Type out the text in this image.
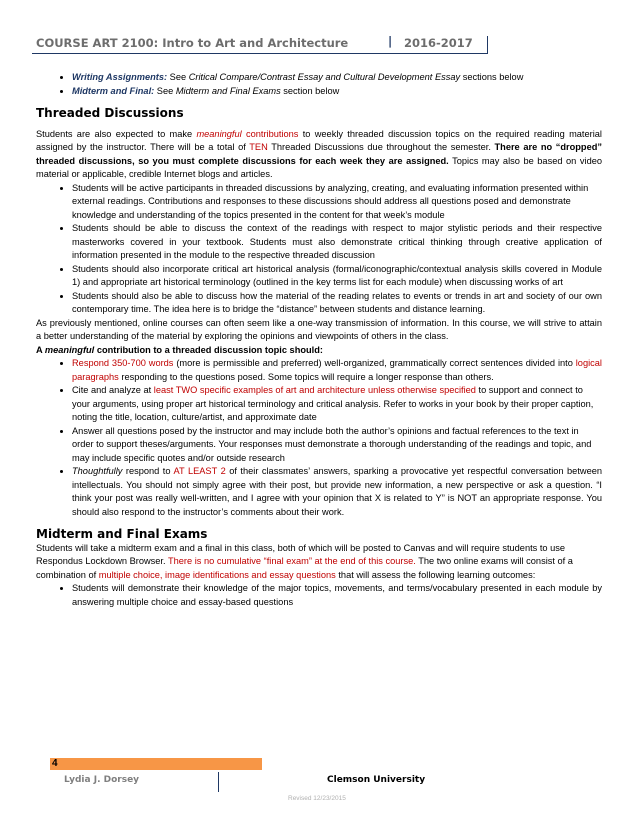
COURSE ART 2100: Intro to Art and Architecture	| 2016-2017
• Writing Assignments: See Critical Compare/Contrast Essay and Cultural Development Essay sections below
• Midterm and Final: See Midterm and Final Exams section below
Threaded Discussions

Students are also expected to make meaningful contributions to weekly threaded discussion topics on the required reading material assigned by the instructor. There will be a total of TEN Threaded Discussions due throughout the semester. There are no “dropped” threaded discussions, so you must complete discussions for each week they are assigned. Topics may also be based on video material or applicable, credible Internet blogs and articles.

• Students will be active participants in threaded discussions by analyzing, creating, and evaluating information presented within external readings. Contributions and responses to these discussions should address all questions posed and demonstrate knowledge and understanding of the topics presented in the content for that week’s module
• Students should be able to discuss the context of the readings with respect to major stylistic periods and their respective masterworks covered in your textbook. Students must also demonstrate critical thinking through creative application of information presented in the module to the respective threaded discussion
• Students should also incorporate critical art historical analysis (formal/iconographic/contextual analysis skills covered in Module 1) and appropriate art historical terminology (outlined in the key terms list for each module) when discussing works of art
• Students should also be able to discuss how the material of the reading relates to events or trends in art and society of our own contemporary time. The idea here is to bridge the “distance” between students and distance learning.

As previously mentioned, online courses can often seem like a one-way transmission of information. In this course, we will strive to attain a better understanding of the material by exploring the opinions and viewpoints of others in the class.

A meaningful contribution to a threaded discussion topic should:

• Respond 350-700 words (more is permissible and preferred) well-organized, grammatically correct sentences divided into logical paragraphs responding to the questions posed. Some topics will require a longer response than others.
• Cite and analyze at least TWO specific examples of art and architecture unless otherwise specified to support and connect to your arguments, using proper art historical terminology and critical analysis. Refer to works in your book by their proper caption, noting the title, location, culture/artist, and approximate date
• Answer all questions posed by the instructor and may include both the author’s opinions and factual references to the text in order to support theses/arguments. Your responses must demonstrate a thorough understanding of the readings and topic, and may include specific quotes and/or outside research
• Thoughtfully respond to AT LEAST 2 of their classmates’ answers, sparking a provocative yet respectful conversation between intellectuals. You should not simply agree with their post, but provide new information, a new perspective or ask a question. “I think your post was really well-written, and I agree with your opinion that X is related to Y” is NOT an appropriate response. You should also respond to the instructor’s comments about their work.
Midterm and Final Exams

Students will take a midterm exam and a final in this class, both of which will be posted to Canvas and will require students to use Respondus Lockdown Browser. There is no cumulative “final exam” at the end of this course. The two online exams will consist of a combination of multiple choice, image identifications and essay questions that will assess the following learning outcomes:

• Students will demonstrate their knowledge of the major topics, movements, and terms/vocabulary presented in each module by answering multiple choice and essay-based questions
4
Lydia J. Dorsey	Clemson University
Revised 12/23/2015
